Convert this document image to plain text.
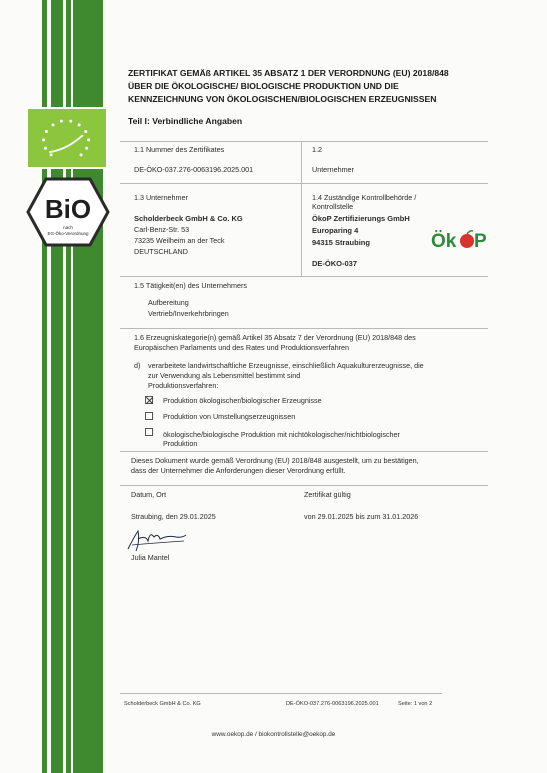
BiO
nach
EG-Öko-Verordnung
ZERTIFIKAT GEMÄß ARTIKEL 35 ABSATZ 1 DER VERORDNUNG (EU) 2018/848
ÜBER DIE ÖKOLOGISCHE/ BIOLOGISCHE PRODUKTION UND DIE
KENNZEICHNUNG VON ÖKOLOGISCHEN/BIOLOGISCHEN ERZEUGNISSEN
Teil I: Verbindliche Angaben
1.1 Nummer des Zertifikates
DE-ÖKO-037.276-0063196.2025.001
1.2
Unternehmer
1.3 Unternehmer
Scholderbeck GmbH & Co. KG
Carl-Benz-Str. 53
73235 Weilheim an der Teck
DEUTSCHLAND
1.4 Zuständige Kontrollbehörde /
Kontrollstelle
ÖkoP Zertifizierungs GmbH
Europaring 4
94315 Straubing
DE-ÖKO-037
Ök P
1.5 Tätigkeit(en) des Unternehmers
Aufbereitung
Vertrieb/Inverkehrbringen
1.6 Erzeugniskategorie(n) gemäß Artikel 35 Absatz 7 der Verordnung (EU) 2018/848 des
Europäischen Parlaments und des Rates und Produktionsverfahren
d) verarbeitete landwirtschaftliche Erzeugnisse, einschließlich Aquakulturerzeugnisse, die
zur Verwendung als Lebensmittel bestimmt sind
Produktionsverfahren:
Produktion ökologischer/biologischer Erzeugnisse
Produktion von Umstellungserzeugnissen
ökologische/biologische Produktion mit nichtökologischer/nichtbiologischer
Produktion
Dieses Dokument wurde gemäß Verordnung (EU) 2018/848 ausgestellt, um zu bestätigen,
dass der Unternehmer die Anforderungen dieser Verordnung erfüllt.
Datum, Ort	Zertifikat gültig
Straubing, den 29.01.2025	von 29.01.2025 bis zum 31.01.2026
Julia Mantel
Scholderbeck GmbH & Co. KG	DE-ÖKO-037.276-0063196.2025.001	Seite: 1 von 2
www.oekop.de / biokontrollstelle@oekop.de
